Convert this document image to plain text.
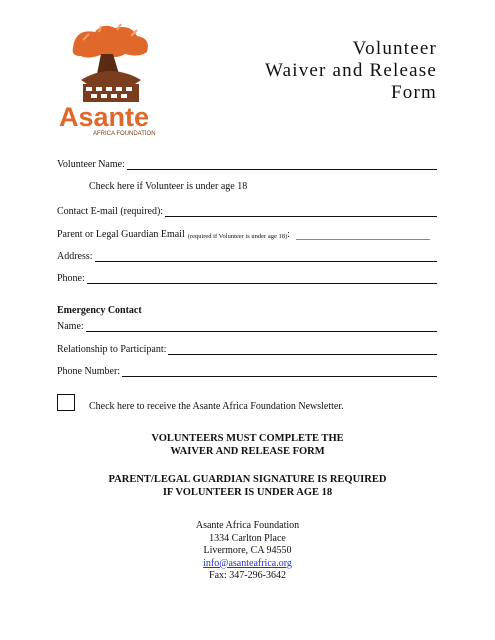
Asante
AFRICA FOUNDATION
Volunteer
Waiver and Release
Form
Volunteer Name:
Check here if Volunteer is under age 18
Contact E-mail (required):
Parent or Legal Guardian Email (required if Volunteer is under age 18) :
Address:
Phone:
Emergency Contact
Name:
Relationship to Participant:
Phone Number:
Check here to receive the Asante Africa Foundation Newsletter.
VOLUNTEERS MUST COMPLETE THE
WAIVER AND RELEASE FORM
PARENT/LEGAL GUARDIAN SIGNATURE IS REQUIRED
IF VOLUNTEER IS UNDER AGE 18
Asante Africa Foundation
1334 Carlton Place
Livermore, CA 94550
info@asanteafrica.org
Fax: 347-296-3642
